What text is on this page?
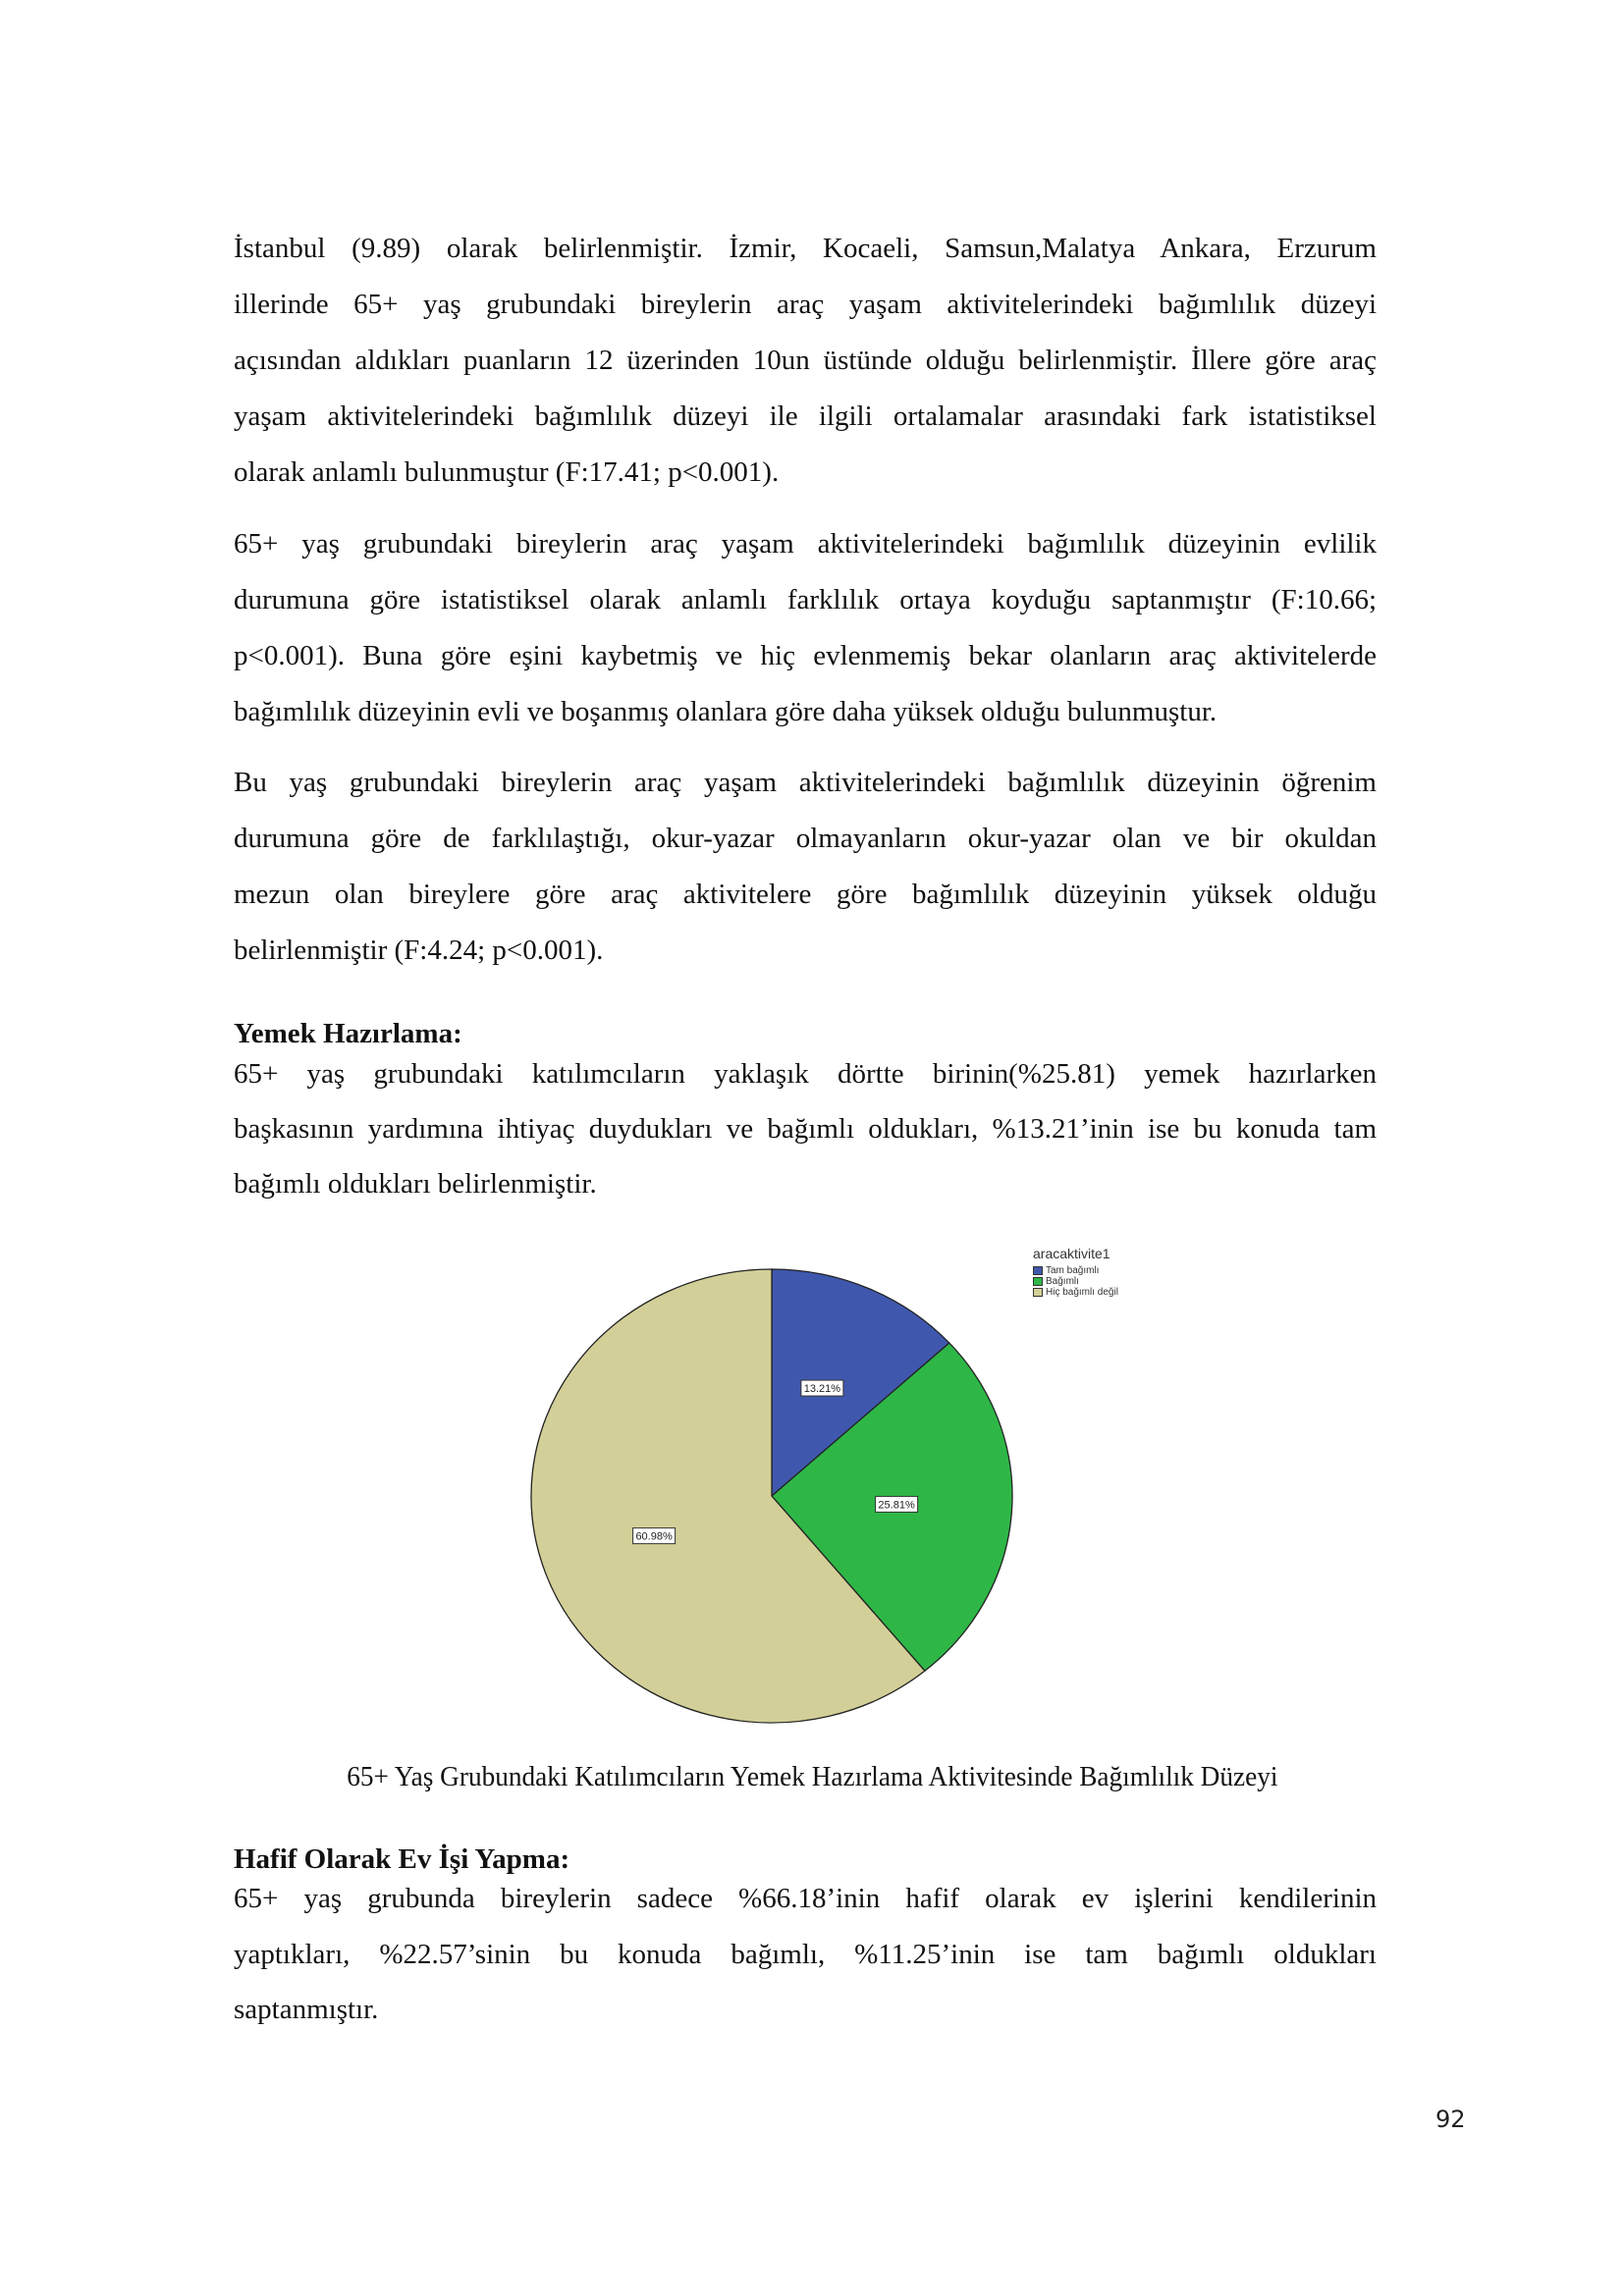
İstanbul (9.89) olarak belirlenmiştir. İzmir, Kocaeli, Samsun,Malatya Ankara, Erzurum
illerinde 65+ yaş grubundaki bireylerin araç yaşam aktivitelerindeki bağımlılık düzeyi
açısından aldıkları puanların 12 üzerinden 10un üstünde olduğu belirlenmiştir. İllere göre araç
yaşam aktivitelerindeki bağımlılık düzeyi ile ilgili ortalamalar arasındaki fark istatistiksel
olarak anlamlı bulunmuştur (F:17.41; p<0.001).
65+ yaş grubundaki bireylerin araç yaşam aktivitelerindeki bağımlılık düzeyinin evlilik
durumuna göre istatistiksel olarak anlamlı farklılık ortaya koyduğu saptanmıştır (F:10.66;
p<0.001). Buna göre eşini kaybetmiş ve hiç evlenmemiş bekar olanların araç aktivitelerde
bağımlılık düzeyinin evli ve boşanmış olanlara göre daha yüksek olduğu bulunmuştur.
Bu yaş grubundaki bireylerin araç yaşam aktivitelerindeki bağımlılık düzeyinin öğrenim
durumuna göre de farklılaştığı, okur-yazar olmayanların okur-yazar olan ve bir okuldan
mezun olan bireylere göre araç aktivitelere göre bağımlılık düzeyinin yüksek olduğu
belirlenmiştir (F:4.24; p<0.001).
Yemek Hazırlama:
65+ yaş grubundaki katılımcıların yaklaşık dörtte birinin(%25.81) yemek hazırlarken
başkasının yardımına ihtiyaç duydukları ve bağımlı oldukları, %13.21’inin ise bu konuda tam
bağımlı oldukları belirlenmiştir.
13.21%
25.81%
60.98%
aracaktivite1
Tam bağımlı
Bağımlı
Hiç bağımlı değil
65+ Yaş Grubundaki Katılımcıların Yemek Hazırlama Aktivitesinde Bağımlılık Düzeyi
Hafif Olarak Ev İşi Yapma:
65+ yaş grubunda bireylerin sadece %66.18’inin hafif olarak ev işlerini kendilerinin
yaptıkları, %22.57’sinin bu konuda bağımlı, %11.25’inin ise tam bağımlı oldukları
saptanmıştır.
92
